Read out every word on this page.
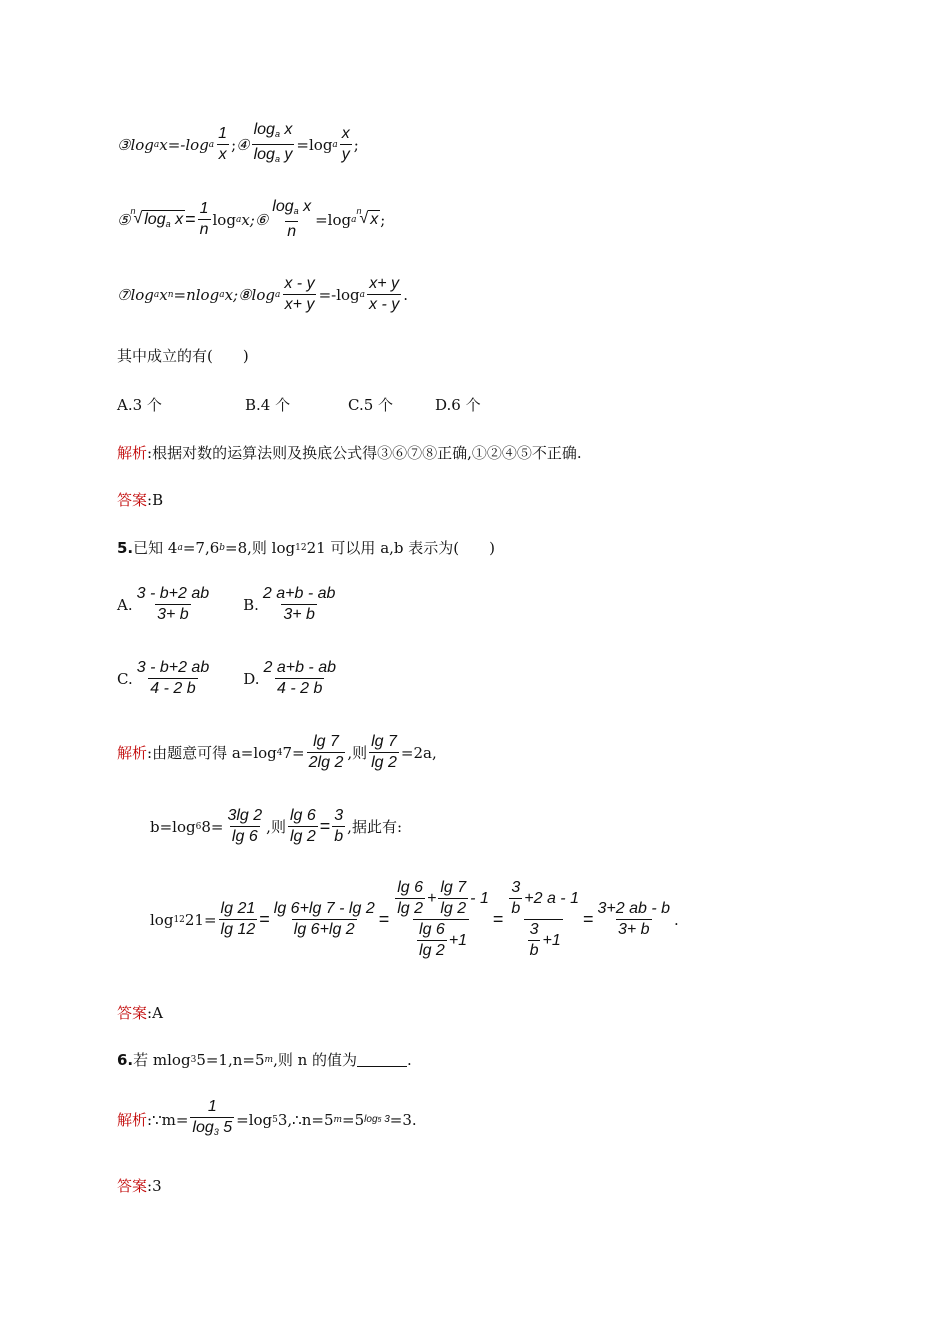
③log a x=-log a $\frac{1}{x}$ ; ④ $\frac{\log_a x}{\log_a y} =\log$ a $\frac{x}{y}$ ;
⑤ n
√ $\log_a x = \frac{1}{n}$ log a x; ⑥ $\frac{\log_a x}{n} =\log$ a
n
√ x ;
⑦log a x n =nlog a x; ⑧log a $\frac{x - y}{x+ y} =-\log$ a $\frac{x+ y}{x - y}$ .
其中成立的有(　　)
A.3 个	B.4 个	C.5 个	D.6 个
解析 :根据对数的运算法则及换底公式得③⑥⑦⑧正确,①②④⑤不正确.
答案 :B
5. 已知 4 a =7,6 b =8,则 log 12 21 可以用 a,b 表示为(　　)
A. $\frac{3 - b+2 ab}{3+ b} B$. $\frac{2 a+b - ab}{3+ b}$
C. $\frac{3 - b+2 ab}{4 - 2 b} D$. $\frac{2 a+b - ab}{4 - 2 b}$
解析 :由题意可得 a=log 4 $7= \frac{\lg 7}{2\lg 2}$ ,则 $\frac{\lg 7}{\lg 2} =2a$,
b=log 6 $8= \frac{3\lg 2}{\lg 6}$ ,则 $\frac{\lg 6}{\lg 2} = \frac{3}{b}$ ,据此有:
log 12 $21= \frac{\lg 21}{\lg 12} = \frac{\lg 6+\lg 7 - \lg 2}{\lg 6+\lg 2} = \frac{\frac{\lg 6}{\lg 2} + \frac{\lg 7}{\lg 2} - 1}{\frac{\lg 6}{\lg 2} +1} = \frac{\frac{3}{b} +2 a - 1}{\frac{3}{b} +1} = \frac{3+2 ab - b}{3+ b}$ .
答案 :A
6. 若 mlog 3 5=1,n=5 m ,则 n 的值为	.
解析 :∵m= $\frac{1}{\log_3 5} =\log$ 5 3,∴n=5 m =5 log5 3 =3.
答案 :3
